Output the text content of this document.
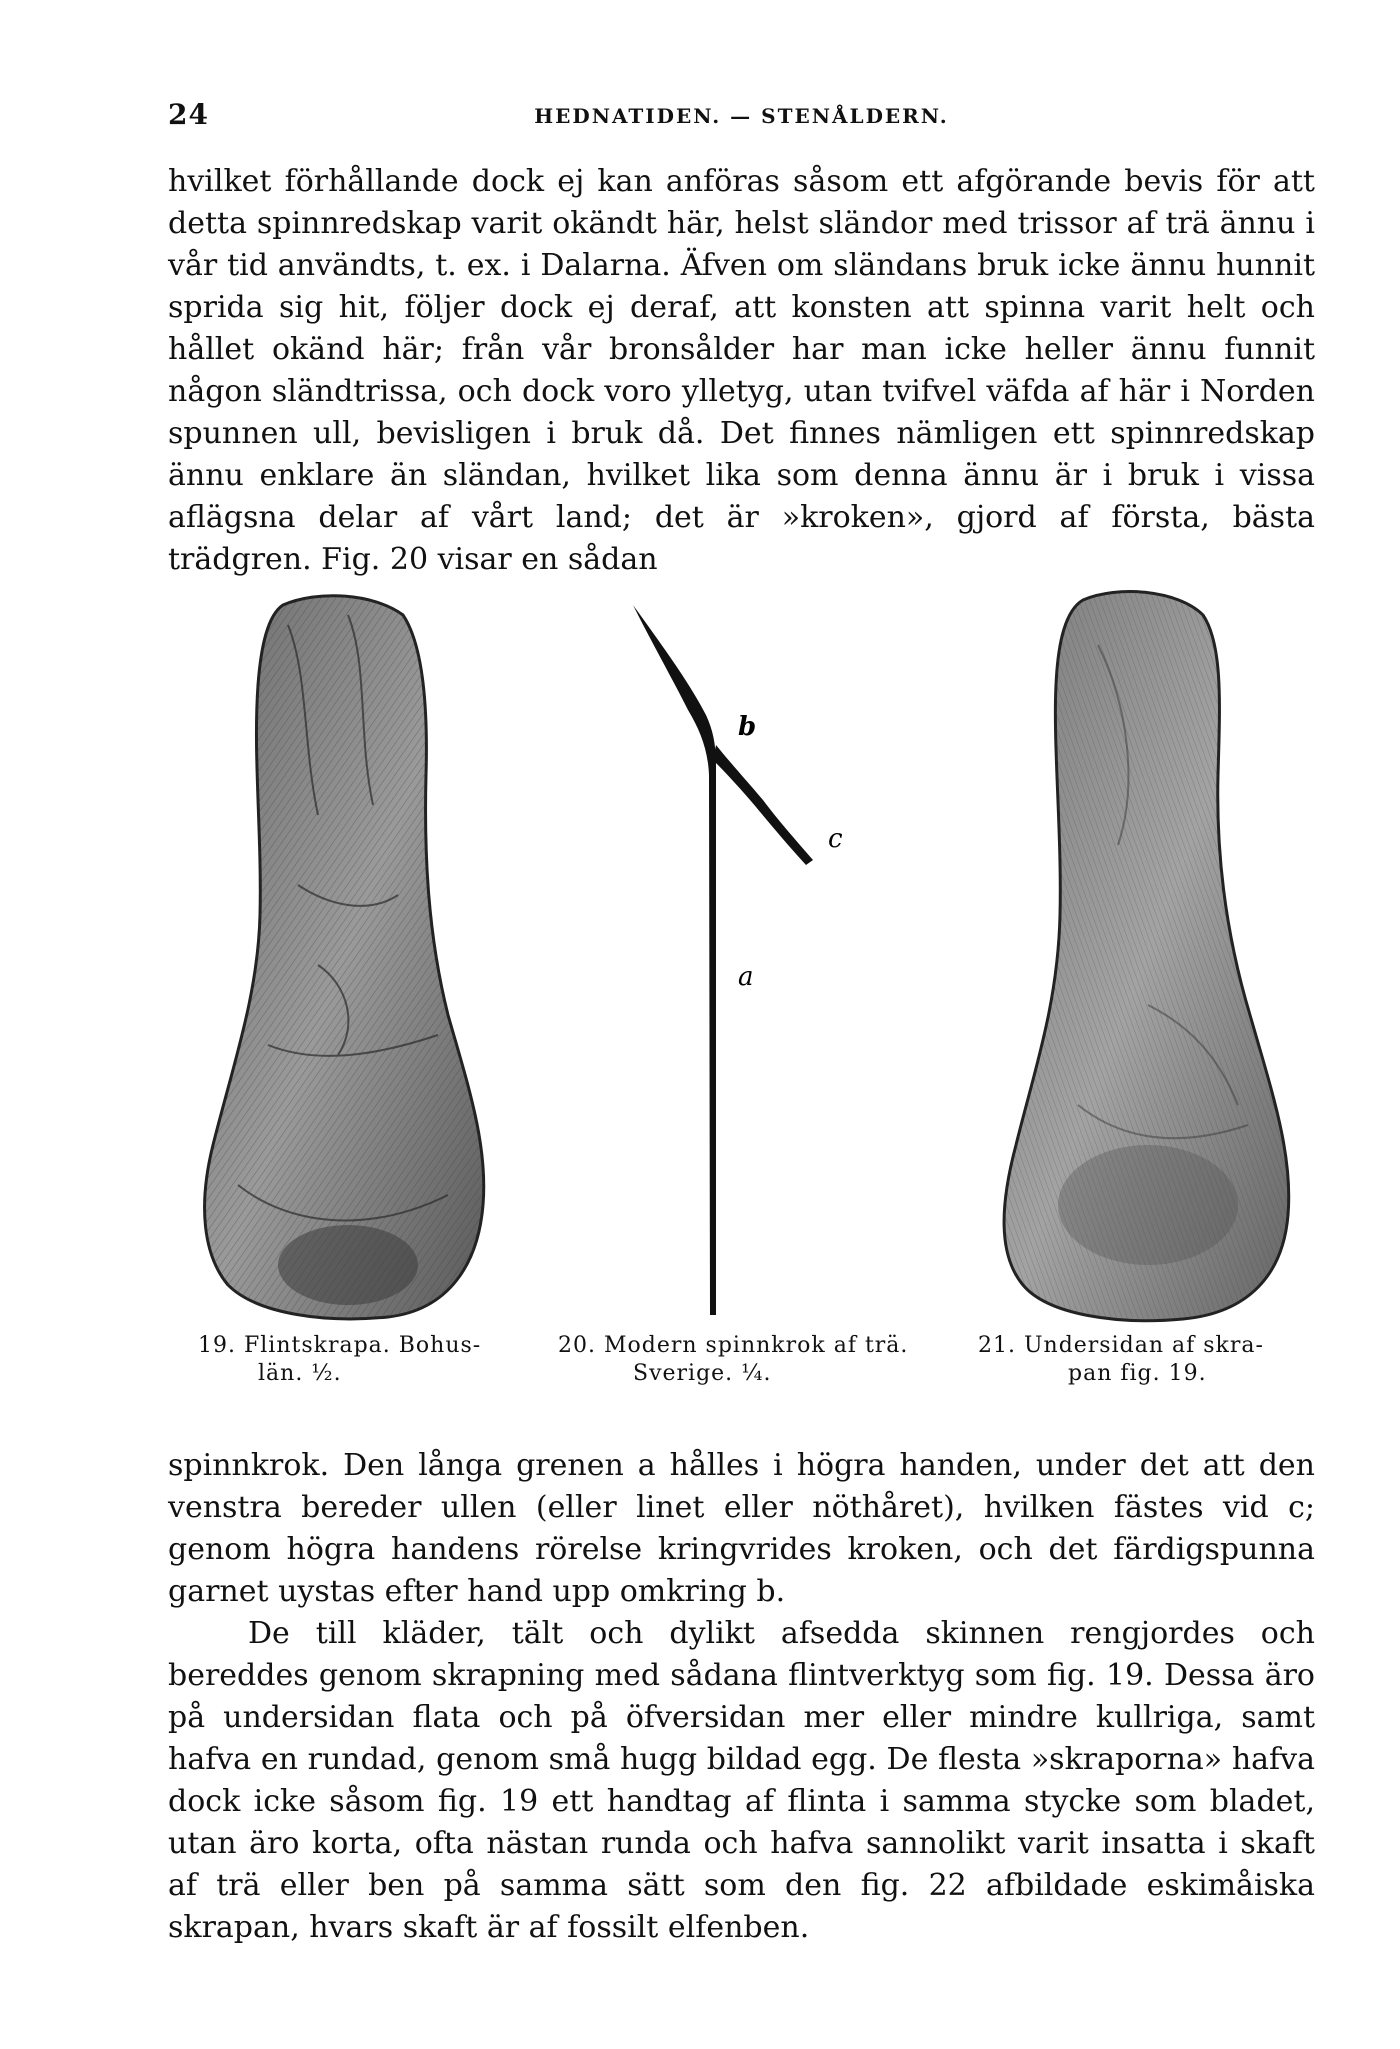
24	HEDNATIDEN. — STENÅLDERN.

hvilket förhållande dock ej kan anföras såsom ett afgörande bevis för att detta spinnredskap varit okändt här, helst sländor med trissor af trä ännu i vår tid användts, t. ex. i Dalarna. Äfven om sländans bruk icke ännu hunnit sprida sig hit, följer dock ej deraf, att konsten att spinna varit helt och hållet okänd här; från vår bronsålder har man icke heller ännu funnit någon sländtrissa, och dock voro ylletyg, utan tvifvel väfda af här i Norden spunnen ull, bevisligen i bruk då. Det finnes nämligen ett spinnredskap ännu enklare än sländan, hvilket lika som denna ännu är i bruk i vissa aflägsna delar af vårt land; det är »kroken», gjord af första, bästa trädgren. Fig. 20 visar en sådan

b
c
a
19. Flintskrapa. Bohus-
län. ½.
20. Modern spinnkrok af trä.
Sverige. ¼.
21. Undersidan af skra-
pan fig. 19.

spinnkrok. Den långa grenen a hålles i högra handen, under det att den venstra bereder ullen (eller linet eller nöthåret), hvilken fästes vid c; genom högra handens rörelse kringvrides kroken, och det färdigspunna garnet uystas efter hand upp omkring b.

De till kläder, tält och dylikt afsedda skinnen rengjordes och bereddes genom skrapning med sådana flintverktyg som fig. 19. Dessa äro på undersidan flata och på öfversidan mer eller mindre kullriga, samt hafva en rundad, genom små hugg bildad egg. De flesta »skraporna» hafva dock icke såsom fig. 19 ett handtag af flinta i samma stycke som bladet, utan äro korta, ofta nästan runda och hafva sannolikt varit insatta i skaft af trä eller ben på samma sätt som den fig. 22 afbildade eskimåiska skrapan, hvars skaft är af fossilt elfenben.
